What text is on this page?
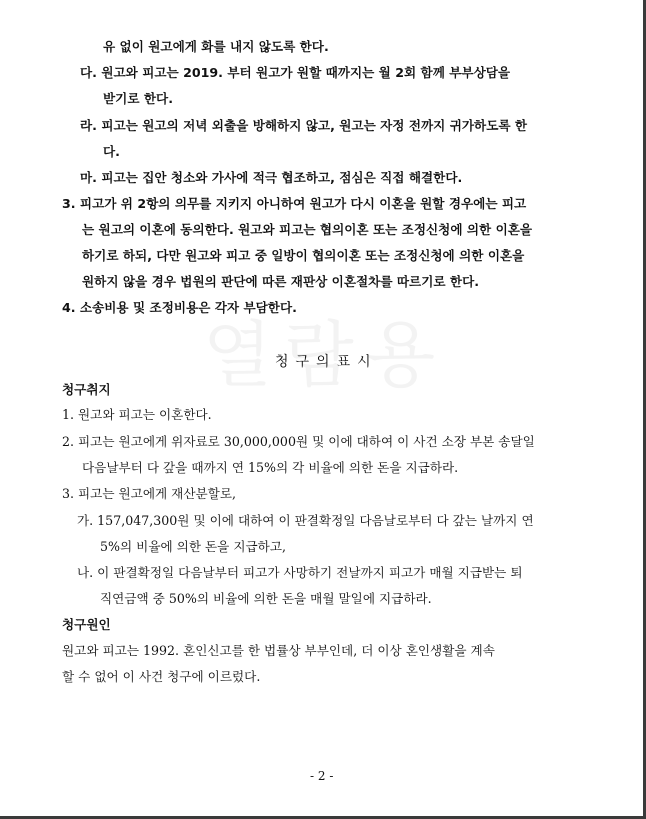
유 없이 원고에게 화를 내지 않도록 한다.
다. 원고와 피고는 2019. 부터 원고가 원할 때까지는 월 2회 함께 부부상담을
받기로 한다.
라. 피고는 원고의 저녁 외출을 방해하지 않고, 원고는 자정 전까지 귀가하도록 한
다.
마. 피고는 집안 청소와 가사에 적극 협조하고, 점심은 직접 해결한다.
3. 피고가 위 2항의 의무를 지키지 아니하여 원고가 다시 이혼을 원할 경우에는 피고
는 원고의 이혼에 동의한다. 원고와 피고는 협의이혼 또는 조정신청에 의한 이혼을
하기로 하되, 다만 원고와 피고 중 일방이 협의이혼 또는 조정신청에 의한 이혼을
원하지 않을 경우 법원의 판단에 따른 재판상 이혼절차를 따르기로 한다.
4. 소송비용 및 조정비용은 각자 부담한다.
청구의표시
청구취지
1. 원고와 피고는 이혼한다.
2. 피고는 원고에게 위자료로 30,000,000원 및 이에 대하여 이 사건 소장 부본 송달일
다음날부터 다 갚을 때까지 연 15%의 각 비율에 의한 돈을 지급하라.
3. 피고는 원고에게 재산분할로,
가. 157,047,300원 및 이에 대하여 이 판결확정일 다음날로부터 다 갚는 날까지 연
5%의 비율에 의한 돈을 지급하고,
나. 이 판결확정일 다음날부터 피고가 사망하기 전날까지 피고가 매월 지급받는 퇴
직연금액 중 50%의 비율에 의한 돈을 매월 말일에 지급하라.
청구원인
원고와 피고는 1992. 혼인신고를 한 법률상 부부인데, 더 이상 혼인생활을 계속
할 수 없어 이 사건 청구에 이르렀다.
- 2 -
